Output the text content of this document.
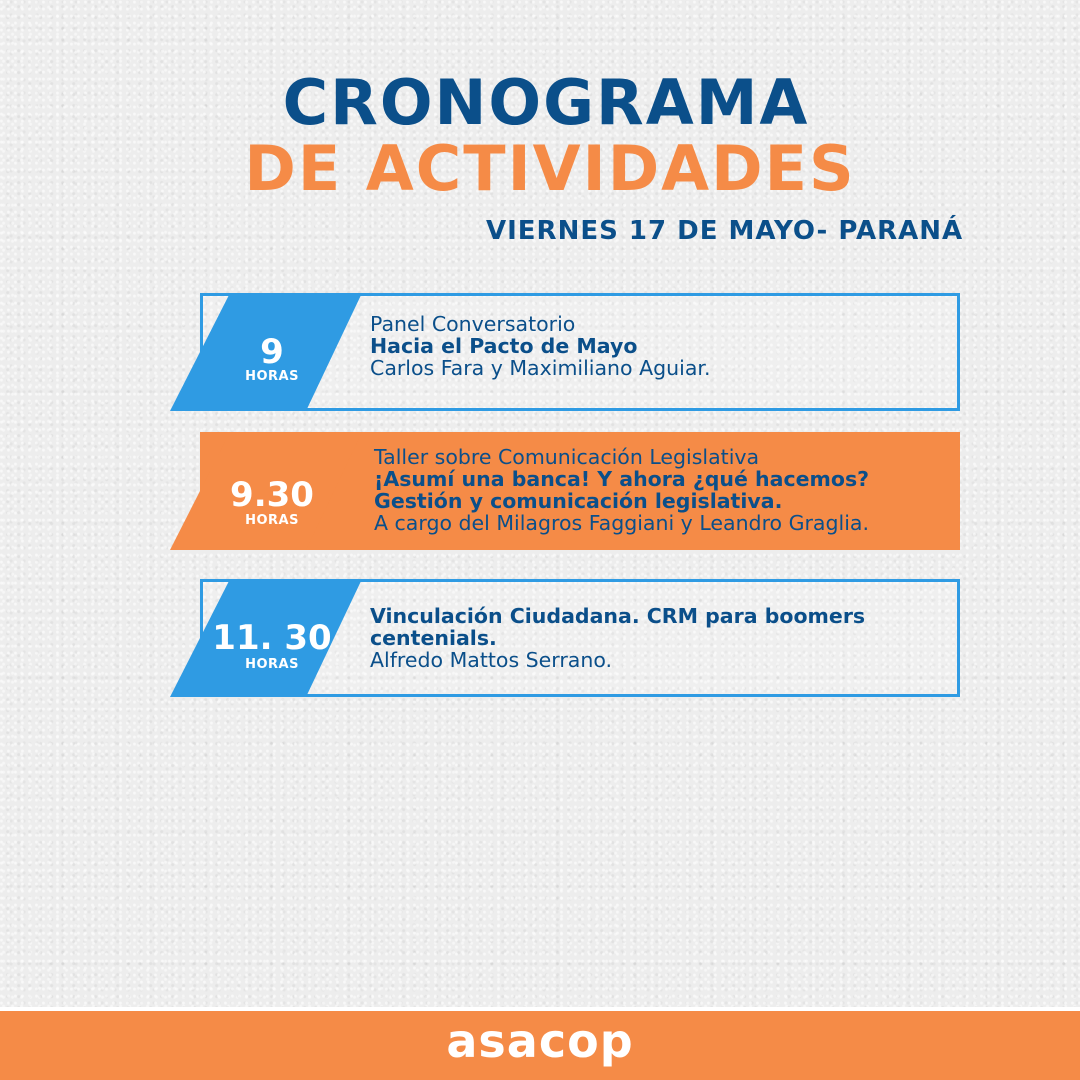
CRONOGRAMA
DE ACTIVIDADES

VIERNES 17 DE MAYO- PARANÁ

9
HORAS

Panel Conversatorio

Hacia el Pacto de Mayo

Carlos Fara y Maximiliano Aguiar.

9.30
HORAS

Taller sobre Comunicación Legislativa

¡Asumí una banca! Y ahora ¿qué hacemos?

Gestión y comunicación legislativa.

A cargo del Milagros Faggiani y Leandro Graglia.

11. 30
HORAS

Vinculación Ciudadana. CRM para boomers

centenials.

Alfredo Mattos Serrano.

asacop
